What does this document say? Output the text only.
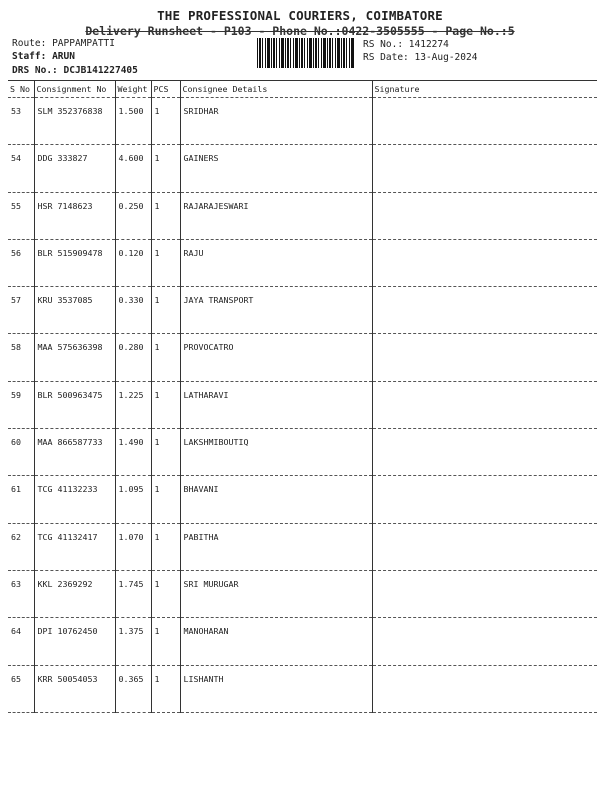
THE PROFESSIONAL COURIERS, COIMBATORE
Delivery Runsheet - P103 - Phone No.:0422-3505555 - Page No.:5
Route: PAPPAMPATTI
Staff: ARUN
DRS No.: DCJB141227405
RS No.: 1412274
RS Date: 13-Aug-2024
S No	Consignment No	Weight	PCS	Consignee Details	Signature
53	SLM 352376838	1.500	1	SRIDHAR	
54	DDG 333827	4.600	1	GAINERS	
55	HSR 7148623	0.250	1	RAJARAJESWARI	
56	BLR 515909478	0.120	1	RAJU	
57	KRU 3537085	0.330	1	JAYA TRANSPORT	
58	MAA 575636398	0.280	1	PROVOCATRO	
59	BLR 500963475	1.225	1	LATHARAVI	
60	MAA 866587733	1.490	1	LAKSHMIBOUTIQ	
61	TCG 41132233	1.095	1	BHAVANI	
62	TCG 41132417	1.070	1	PABITHA	
63	KKL 2369292	1.745	1	SRI MURUGAR	
64	DPI 10762450	1.375	1	MANOHARAN	
65	KRR 50054053	0.365	1	LISHANTH	
